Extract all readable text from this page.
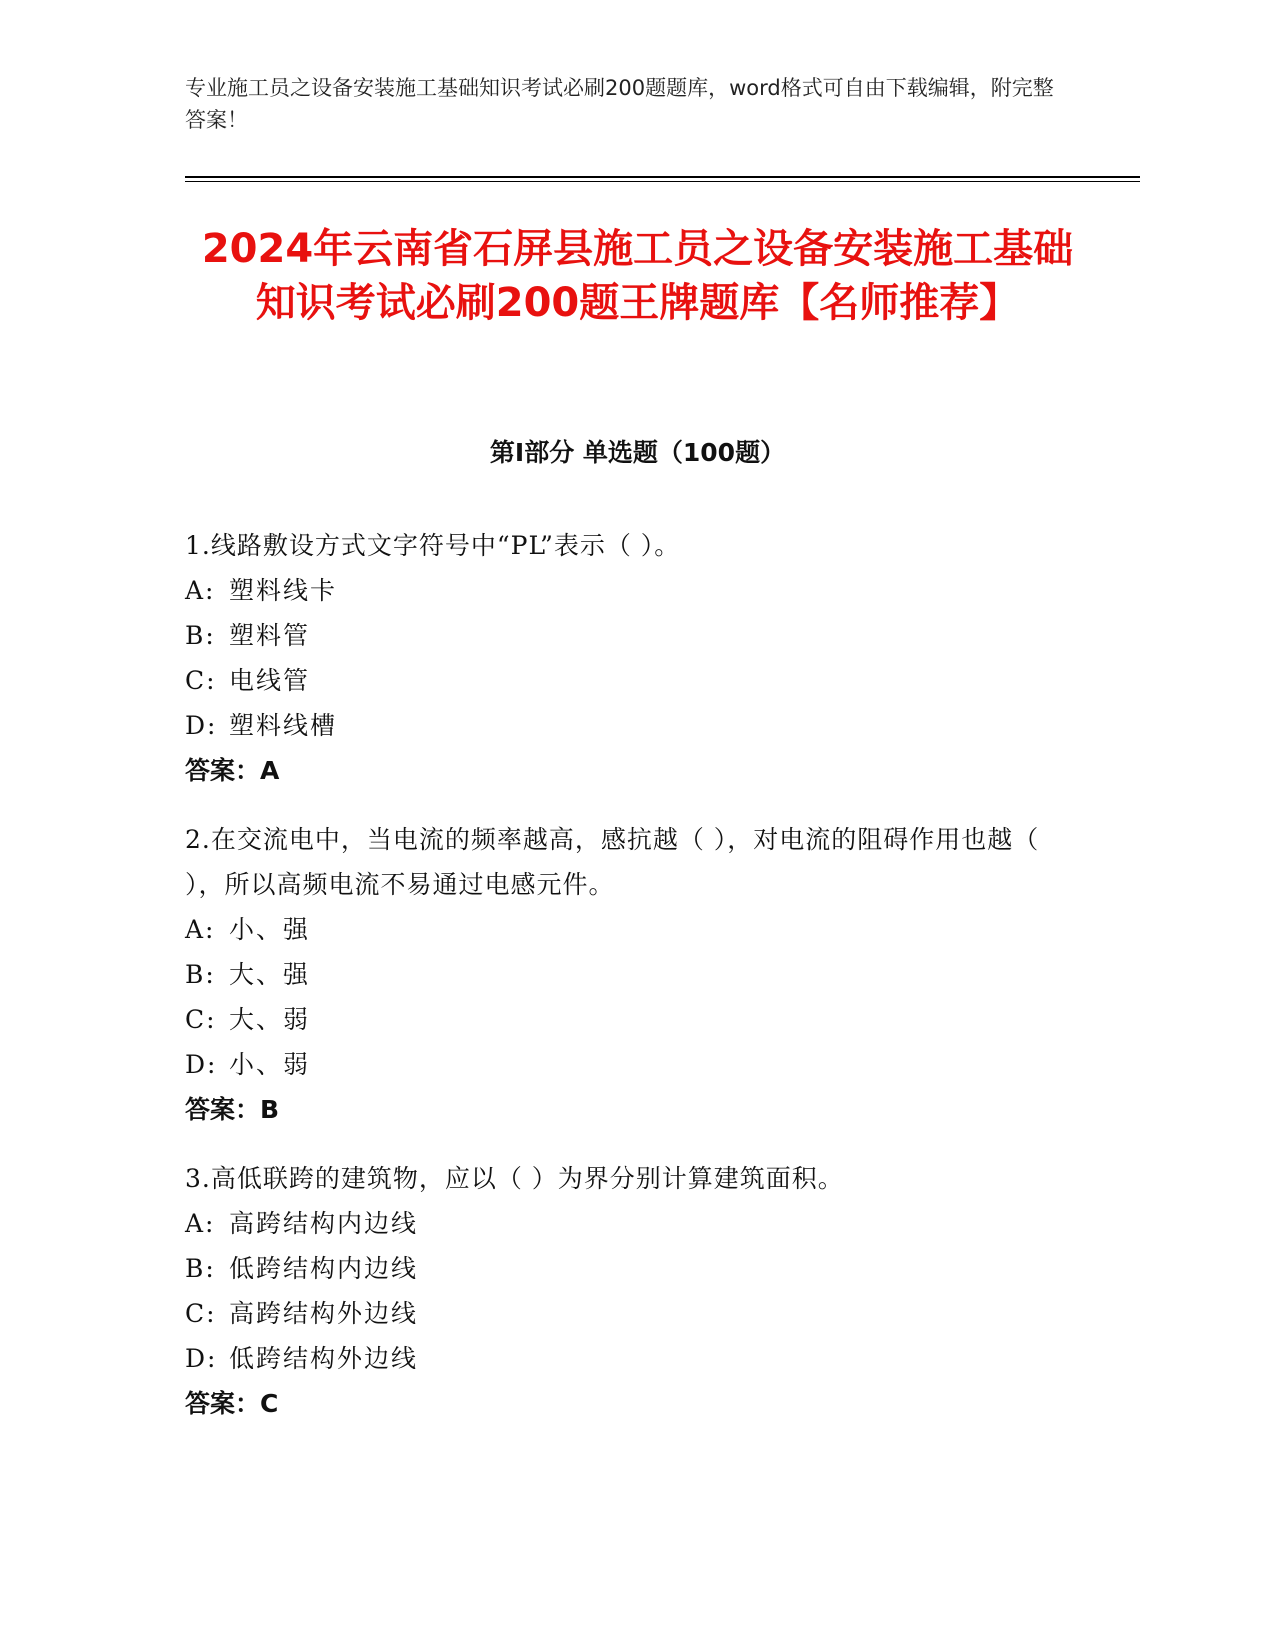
专业施工员之设备安装施工基础知识考试必刷200题题库，word格式可自由下载编辑，附完整答案！
2024年云南省石屏县施工员之设备安装施工基础知识考试必刷200题王牌题库【名师推荐】
第Ⅰ部分 单选题（100题）
1.线路敷设方式文字符号中“PL”表示（ ）。
A: 塑料线卡
B: 塑料管
C: 电线管
D: 塑料线槽
答案：A
2.在交流电中，当电流的频率越高，感抗越（ ），对电流的阻碍作用也越（ ），所以高频电流不易通过电感元件。
A: 小、强
B: 大、强
C: 大、弱
D: 小、弱
答案：B
3.高低联跨的建筑物，应以（ ）为界分别计算建筑面积。
A: 高跨结构内边线
B: 低跨结构内边线
C: 高跨结构外边线
D: 低跨结构外边线
答案：C
